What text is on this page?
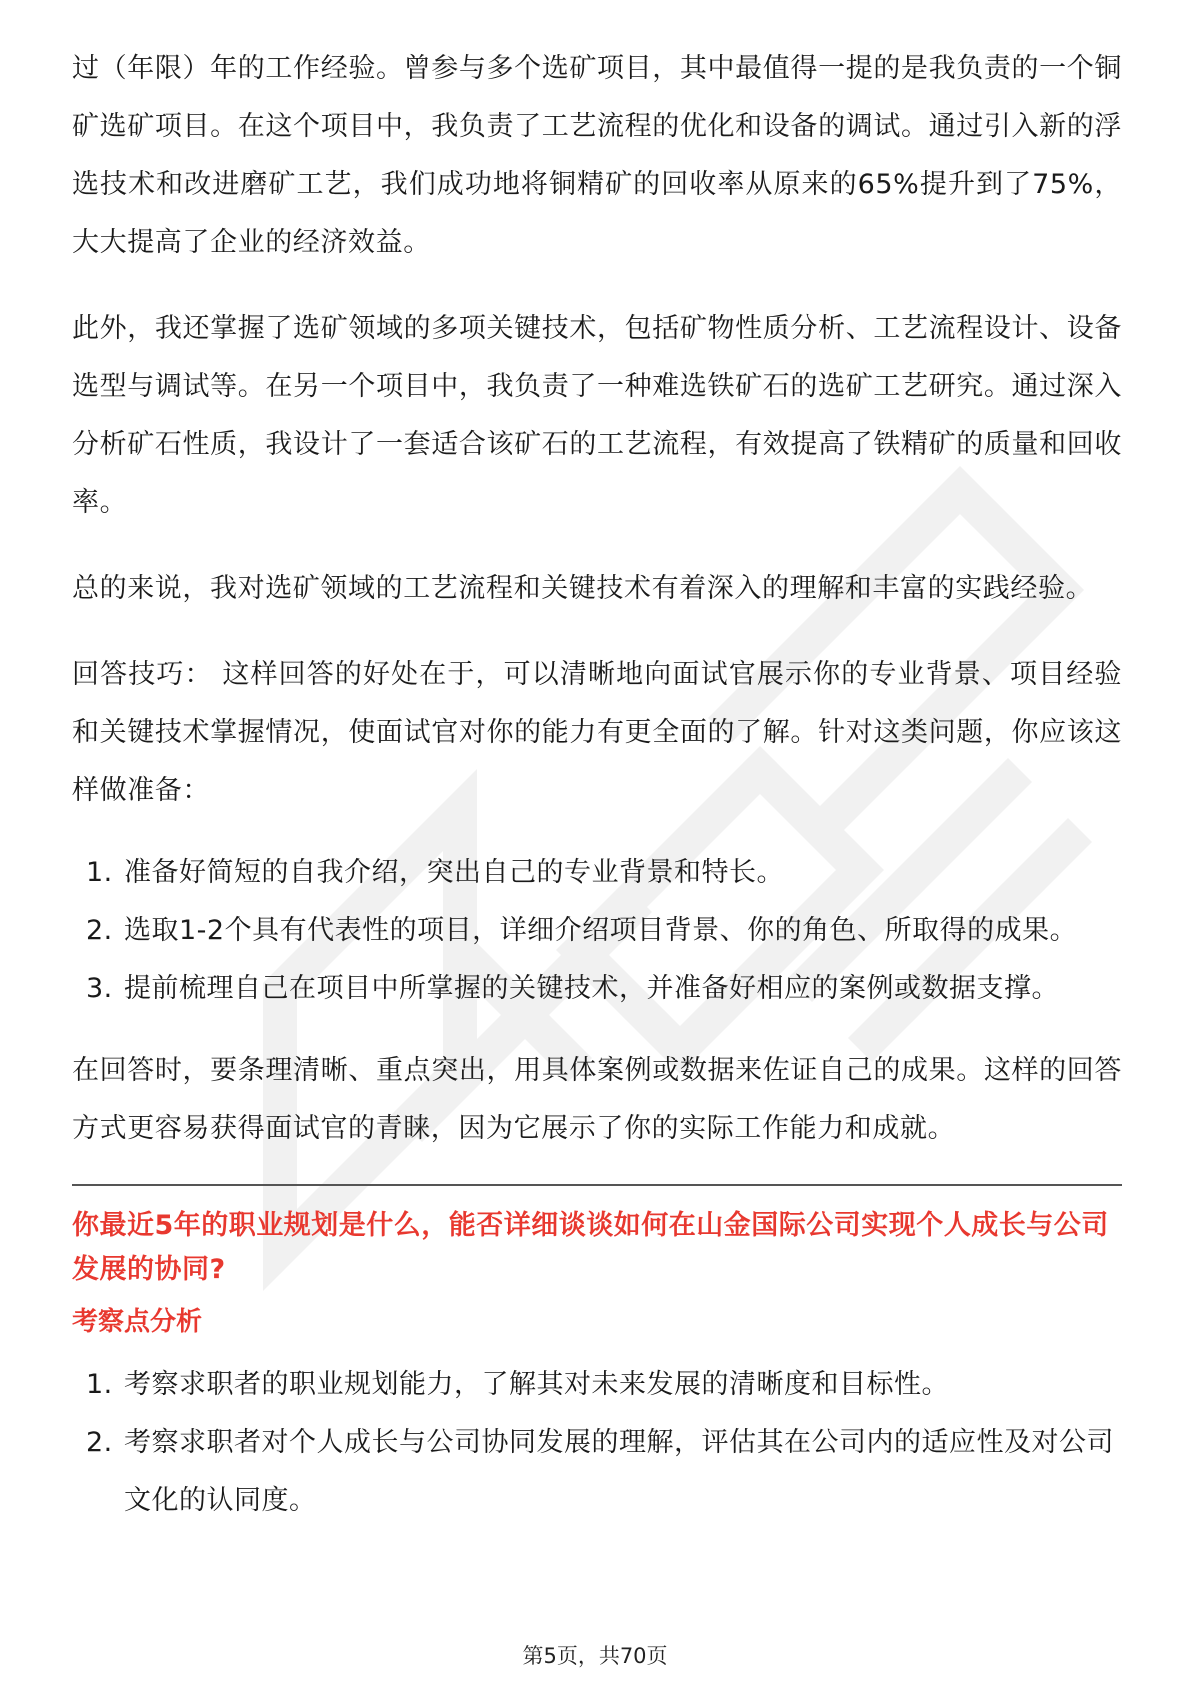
过（年限）年的工作经验。曾参与多个选矿项目，其中最值得一提的是我负责的一个铜矿选矿项目。在这个项目中，我负责了工艺流程的优化和设备的调试。通过引入新的浮选技术和改进磨矿工艺，我们成功地将铜精矿的回收率从原来的65%提升到了75%，大大提高了企业的经济效益。

此外，我还掌握了选矿领域的多项关键技术，包括矿物性质分析、工艺流程设计、设备选型与调试等。在另一个项目中，我负责了一种难选铁矿石的选矿工艺研究。通过深入分析矿石性质，我设计了一套适合该矿石的工艺流程，有效提高了铁精矿的质量和回收率。

总的来说，我对选矿领域的工艺流程和关键技术有着深入的理解和丰富的实践经验。

回答技巧： 这样回答的好处在于，可以清晰地向面试官展示你的专业背景、项目经验和关键技术掌握情况，使面试官对你的能力有更全面的了解。针对这类问题，你应该这样做准备：

1. 准备好简短的自我介绍，突出自己的专业背景和特长。
2. 选取1-2个具有代表性的项目，详细介绍项目背景、你的角色、所取得的成果。
3. 提前梳理自己在项目中所掌握的关键技术，并准备好相应的案例或数据支撑。

在回答时，要条理清晰、重点突出，用具体案例或数据来佐证自己的成果。这样的回答方式更容易获得面试官的青睐，因为它展示了你的实际工作能力和成就。

你最近5年的职业规划是什么，能否详细谈谈如何在山金国际公司实现个人成长与公司发展的协同?

考察点分析
1. 考察求职者的职业规划能力，了解其对未来发展的清晰度和目标性。
2. 考察求职者对个人成长与公司协同发展的理解，评估其在公司内的适应性及对公司文化的认同度。
第5页，共70页
